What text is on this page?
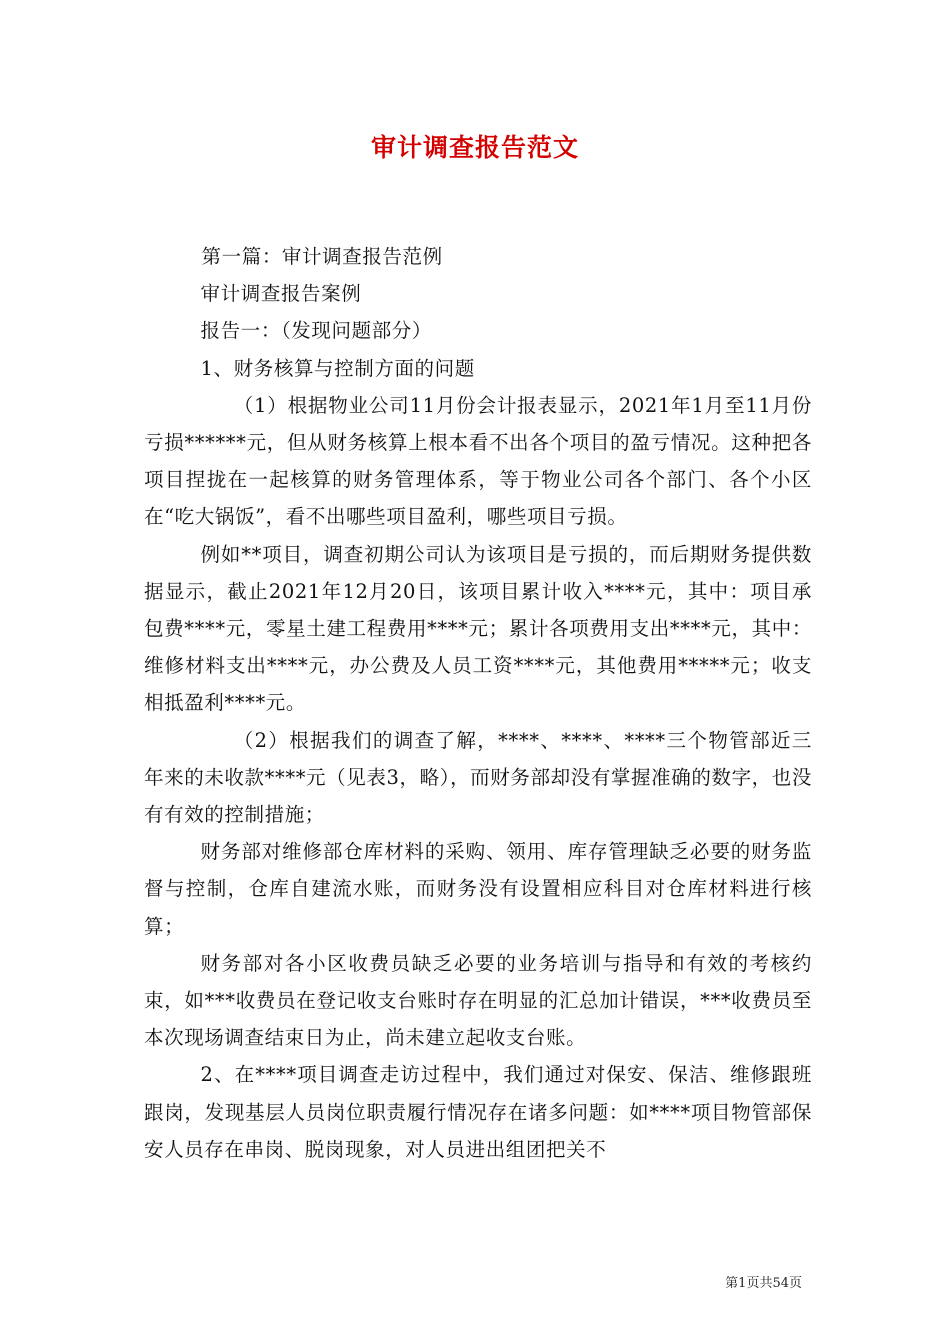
审计调查报告范文

第一篇：审计调查报告范例

审计调查报告案例

报告一：（发现问题部分）

1、财务核算与控制方面的问题

（1）根据物业公司11月份会计报表显示，2021年1月至11月份亏损******元，但从财务核算上根本看不出各个项目的盈亏情况。这种把各项目捏拢在一起核算的财务管理体系，等于物业公司各个部门、各个小区在“吃大锅饭”，看不出哪些项目盈利，哪些项目亏损。

例如**项目，调查初期公司认为该项目是亏损的，而后期财务提供数据显示，截止2021年12月20日，该项目累计收入****元，其中：项目承包费****元，零星土建工程费用****元；累计各项费用支出****元，其中：维修材料支出****元，办公费及人员工资****元，其他费用*****元；收支相抵盈利****元。

（2）根据我们的调查了解，****、****、****三个物管部近三年来的未收款****元（见表3，略），而财务部却没有掌握准确的数字，也没有有效的控制措施；

财务部对维修部仓库材料的采购、领用、库存管理缺乏必要的财务监督与控制，仓库自建流水账，而财务没有设置相应科目对仓库材料进行核算；

财务部对各小区收费员缺乏必要的业务培训与指导和有效的考核约束，如***收费员在登记收支台账时存在明显的汇总加计错误，***收费员至本次现场调查结束日为止，尚未建立起收支台账。

2、在****项目调查走访过程中，我们通过对保安、保洁、维修跟班跟岗，发现基层人员岗位职责履行情况存在诸多问题：如****项目物管部保安人员存在串岗、脱岗现象，对人员进出组团把关不

第1页共54页
